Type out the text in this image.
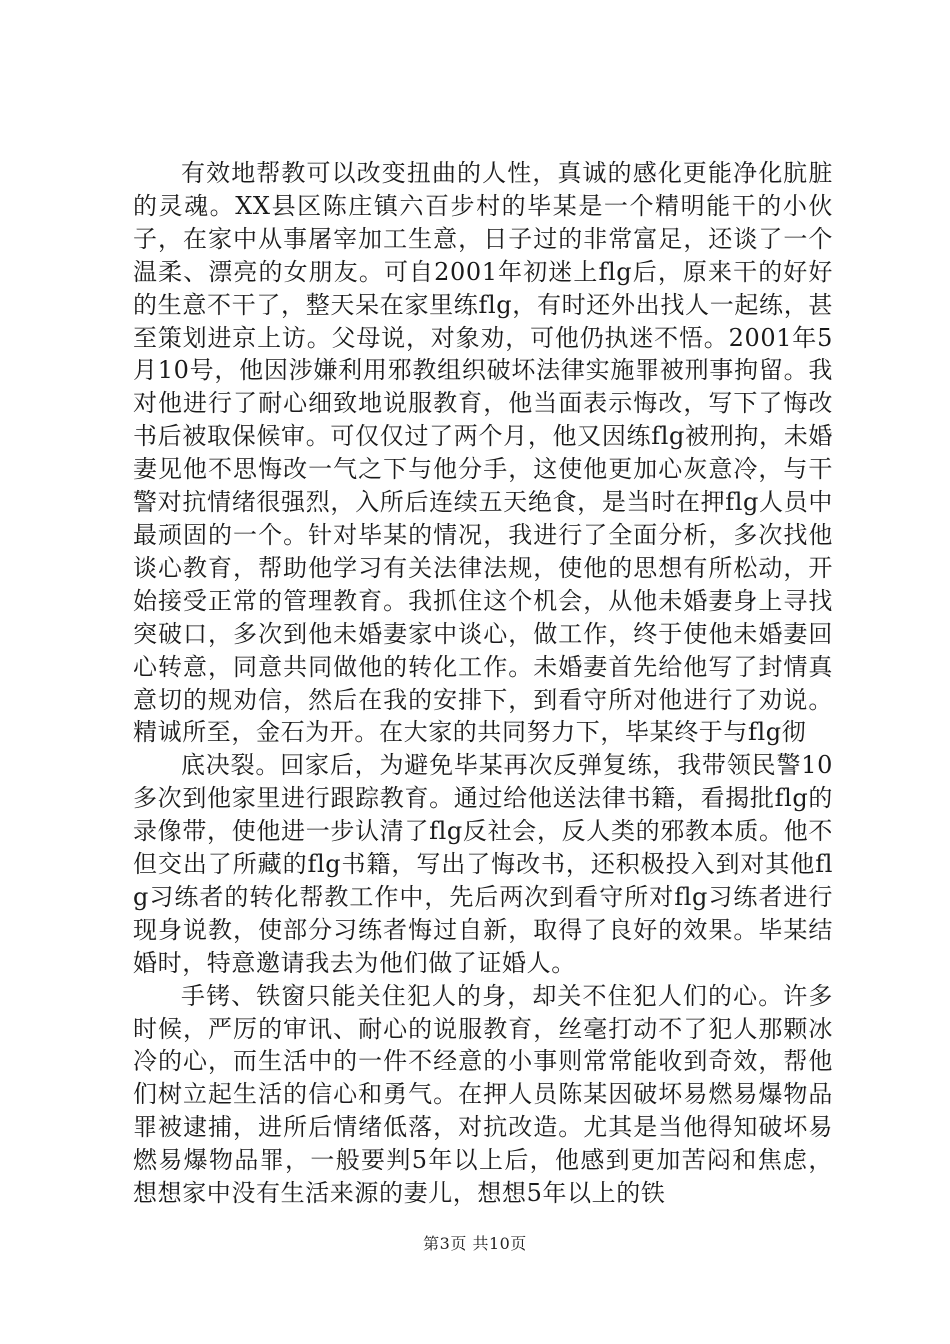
有效地帮教可以改变扭曲的人性，真诚的感化更能净化肮脏的灵魂。XX县区陈庄镇六百步村的毕某是一个精明能干的小伙子，在家中从事屠宰加工生意，日子过的非常富足，还谈了一个温柔、漂亮的女朋友。可自2001年初迷上flg后，原来干的好好的生意不干了，整天呆在家里练flg，有时还外出找人一起练，甚至策划进京上访。父母说，对象劝，可他仍执迷不悟。2001年5月10号，他因涉嫌利用邪教组织破坏法律实施罪被刑事拘留。我对他进行了耐心细致地说服教育，他当面表示悔改，写下了悔改书后被取保候审。可仅仅过了两个月，他又因练flg被刑拘，未婚妻见他不思悔改一气之下与他分手，这使他更加心灰意冷，与干警对抗情绪很强烈，入所后连续五天绝食，是当时在押flg人员中最顽固的一个。针对毕某的情况，我进行了全面分析，多次找他谈心教育，帮助他学习有关法律法规，使他的思想有所松动，开始接受正常的管理教育。我抓住这个机会，从他未婚妻身上寻找突破口，多次到他未婚妻家中谈心，做工作，终于使他未婚妻回心转意，同意共同做他的转化工作。未婚妻首先给他写了封情真意切的规劝信，然后在我的安排下，到看守所对他进行了劝说。精诚所至，金石为开。在大家的共同努力下，毕某终于与flg彻

底决裂。回家后，为避免毕某再次反弹复练，我带领民警10多次到他家里进行跟踪教育。通过给他送法律书籍，看揭批flg的录像带，使他进一步认清了flg反社会，反人类的邪教本质。他不但交出了所藏的flg书籍，写出了悔改书，还积极投入到对其他flg习练者的转化帮教工作中，先后两次到看守所对flg习练者进行现身说教，使部分习练者悔过自新，取得了良好的效果。毕某结婚时，特意邀请我去为他们做了证婚人。

手铐、铁窗只能关住犯人的身，却关不住犯人们的心。许多时候，严厉的审讯、耐心的说服教育，丝毫打动不了犯人那颗冰冷的心，而生活中的一件不经意的小事则常常能收到奇效，帮他们树立起生活的信心和勇气。在押人员陈某因破坏易燃易爆物品罪被逮捕，进所后情绪低落，对抗改造。尤其是当他得知破坏易燃易爆物品罪，一般要判5年以上后，他感到更加苦闷和焦虑，想想家中没有生活来源的妻儿，想想5年以上的铁

第3页 共10页
